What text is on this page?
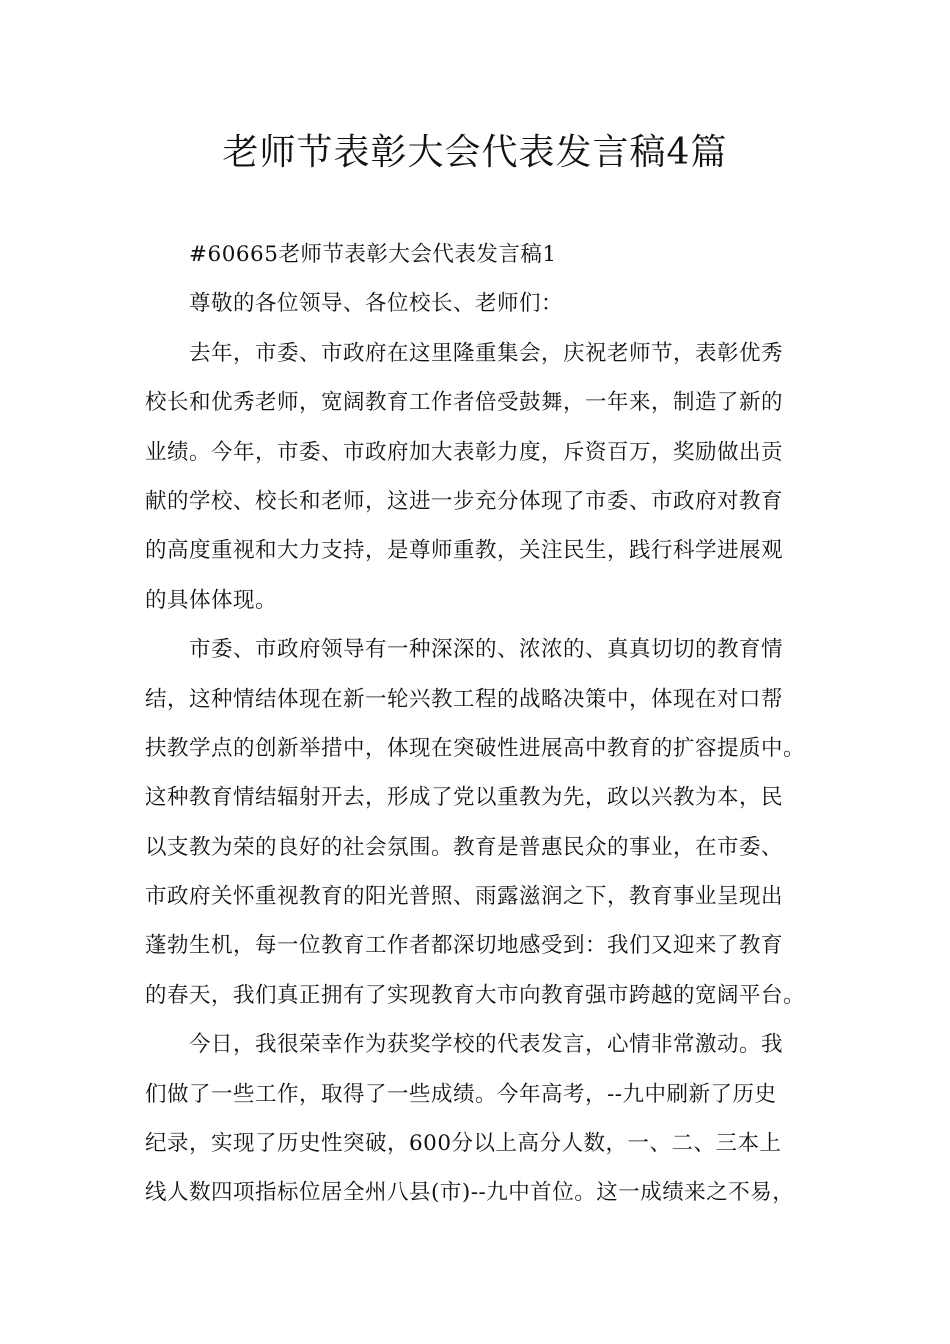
老师节表彰大会代表发言稿4篇
#60665老师节表彰大会代表发言稿1
尊敬的各位领导、各位校长、老师们：
去年，市委、市政府在这里隆重集会，庆祝老师节，表彰优秀
校长和优秀老师，宽阔教育工作者倍受鼓舞，一年来，制造了新的
业绩。今年，市委、市政府加大表彰力度，斥资百万，奖励做出贡
献的学校、校长和老师，这进一步充分体现了市委、市政府对教育
的高度重视和大力支持，是尊师重教，关注民生，践行科学进展观
的具体体现。
市委、市政府领导有一种深深的、浓浓的、真真切切的教育情
结，这种情结体现在新一轮兴教工程的战略决策中，体现在对口帮
扶教学点的创新举措中，体现在突破性进展高中教育的扩容提质中。
这种教育情结辐射开去，形成了党以重教为先，政以兴教为本，民
以支教为荣的良好的社会氛围。教育是普惠民众的事业，在市委、
市政府关怀重视教育的阳光普照、雨露滋润之下，教育事业呈现出
蓬勃生机，每一位教育工作者都深切地感受到：我们又迎来了教育
的春天，我们真正拥有了实现教育大市向教育强市跨越的宽阔平台。
今日，我很荣幸作为获奖学校的代表发言，心情非常激动。我
们做了一些工作，取得了一些成绩。今年高考，--九中刷新了历史
纪录，实现了历史性突破，600分以上高分人数，一、二、三本上
线人数四项指标位居全州八县(市)--九中首位。这一成绩来之不易，
